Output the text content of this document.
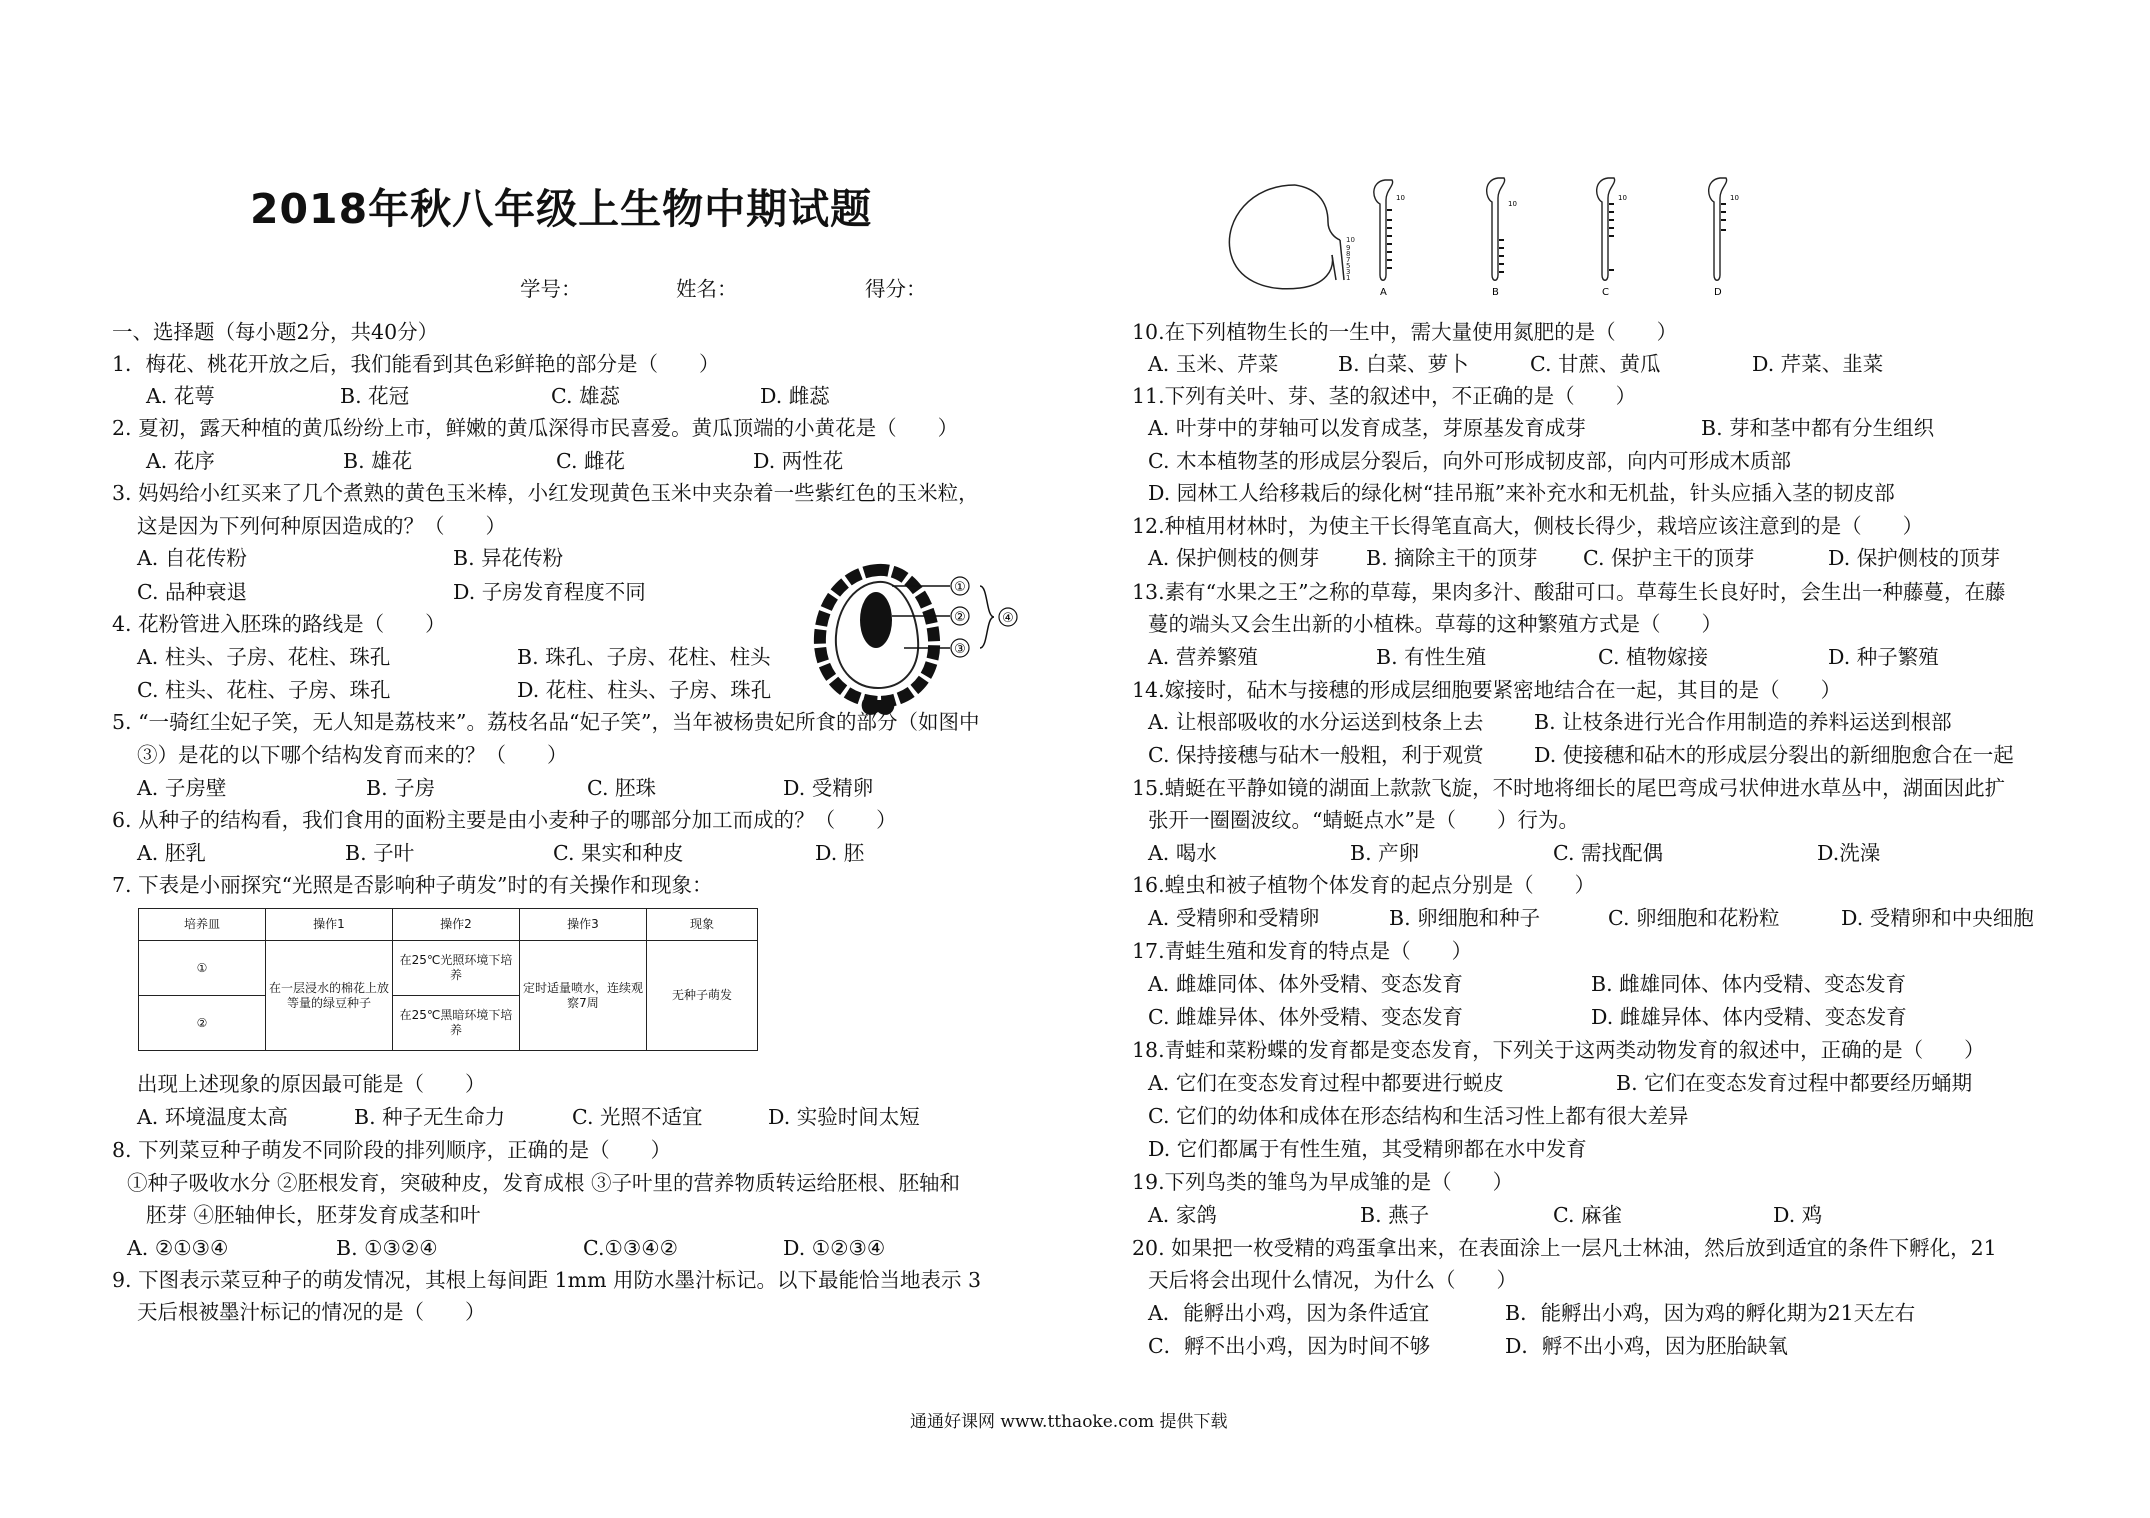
2018年秋八年级上生物中期试题
学号：	姓名：	得分：
一、选择题（每小题2分，共40分）
1．梅花、桃花开放之后，我们能看到其色彩鲜艳的部分是（　　）
A. 花萼	B. 花冠	C. 雄蕊	D. 雌蕊
2. 夏初，露天种植的黄瓜纷纷上市，鲜嫩的黄瓜深得市民喜爱。黄瓜顶端的小黄花是（　　）
A. 花序	B. 雄花	C. 雌花	D. 两性花
3. 妈妈给小红买来了几个煮熟的黄色玉米棒，小红发现黄色玉米中夹杂着一些紫红色的玉米粒，
这是因为下列何种原因造成的？（　　）
A. 自花传粉	B. 异花传粉
C. 品种衰退	D. 子房发育程度不同
4. 花粉管进入胚珠的路线是（　　）
A. 柱头、子房、花柱、珠孔	B. 珠孔、子房、花柱、柱头
C. 柱头、花柱、子房、珠孔	D. 花柱、柱头、子房、珠孔
5. “一骑红尘妃子笑，无人知是荔枝来”。荔枝名品“妃子笑”，当年被杨贵妃所食的部分（如图中
③）是花的以下哪个结构发育而来的？（　　）
A. 子房壁	B. 子房	C. 胚珠	D. 受精卵
6. 从种子的结构看，我们食用的面粉主要是由小麦种子的哪部分加工而成的？（　　）
A. 胚乳	B. 子叶	C. 果实和种皮	D. 胚
7. 下表是小丽探究“光照是否影响种子萌发”时的有关操作和现象：
培养皿	操作1	操作2	操作3	现象
①	在一层浸水的棉花上放等量的绿豆种子	在25℃光照环境下培养	定时适量喷水，连续观察7周	无种子萌发
②		在25℃黑暗环境下培养		
出现上述现象的原因最可能是（　　）
A. 环境温度太高	B. 种子无生命力	C. 光照不适宜	D. 实验时间太短
8. 下列菜豆种子萌发不同阶段的排列顺序，正确的是（　　）
①种子吸收水分 ②胚根发育，突破种皮，发育成根 ③子叶里的营养物质转运给胚根、胚轴和
胚芽 ④胚轴伸长，胚芽发育成茎和叶
A. ②①③④	B. ①③②④	C.①③④②	D. ①②③④
9. 下图表示菜豆种子的萌发情况，其根上每间距 1mm 用防水墨汁标记。以下最能恰当地表示 3
天后根被墨汁标记的情况的是（　　）
①
②
③
④
10
9
8
7
5
3
1
10
A
10
B
10
C
10
D
10.在下列植物生长的一生中，需大量使用氮肥的是（　　）
A. 玉米、芹菜	B. 白菜、萝卜	C. 甘蔗、黄瓜	D. 芹菜、韭菜
11.下列有关叶、芽、茎的叙述中，不正确的是（　　）
A. 叶芽中的芽轴可以发育成茎，芽原基发育成芽	B. 芽和茎中都有分生组织
C. 木本植物茎的形成层分裂后，向外可形成韧皮部，向内可形成木质部
D. 园林工人给移栽后的绿化树“挂吊瓶”来补充水和无机盐，针头应插入茎的韧皮部
12.种植用材林时，为使主干长得笔直高大，侧枝长得少，栽培应该注意到的是（　　）
A. 保护侧枝的侧芽 B. 摘除主干的顶芽 C. 保护主干的顶芽	D. 保护侧枝的顶芽
13.素有“水果之王”之称的草莓，果肉多汁、酸甜可口。草莓生长良好时，会生出一种藤蔓，在藤
蔓的端头又会生出新的小植株。草莓的这种繁殖方式是（　　）
A. 营养繁殖	B. 有性生殖	C. 植物嫁接	D. 种子繁殖
14.嫁接时，砧木与接穗的形成层细胞要紧密地结合在一起，其目的是（　　）
A. 让根部吸收的水分运送到枝条上去 B. 让枝条进行光合作用制造的养料运送到根部
C. 保持接穗与砧木一般粗，利于观赏 D. 使接穗和砧木的形成层分裂出的新细胞愈合在一起
15.蜻蜓在平静如镜的湖面上款款飞旋，不时地将细长的尾巴弯成弓状伸进水草丛中，湖面因此扩
张开一圈圈波纹。“蜻蜓点水”是（　　）行为。
A. 喝水	B. 产卵	C. 需找配偶	D.洗澡
16.蝗虫和被子植物个体发育的起点分别是（　　）
A. 受精卵和受精卵	B. 卵细胞和种子	C. 卵细胞和花粉粒	D. 受精卵和中央细胞
17.青蛙生殖和发育的特点是（　　）
A. 雌雄同体、体外受精、变态发育	B. 雌雄同体、体内受精、变态发育
C. 雌雄异体、体外受精、变态发育	D. 雌雄异体、体内受精、变态发育
18.青蛙和菜粉蝶的发育都是变态发育，下列关于这两类动物发育的叙述中，正确的是（　　）
A. 它们在变态发育过程中都要进行蜕皮	B. 它们在变态发育过程中都要经历蛹期
C. 它们的幼体和成体在形态结构和生活习性上都有很大差异
D. 它们都属于有性生殖，其受精卵都在水中发育
19.下列鸟类的雏鸟为早成雏的是（　　）
A. 家鸽	B. 燕子	C. 麻雀	D. 鸡
20. 如果把一枚受精的鸡蛋拿出来，在表面涂上一层凡士林油，然后放到适宜的条件下孵化，21
天后将会出现什么情况，为什么（　　）
A．能孵出小鸡，因为条件适宜	B．能孵出小鸡，因为鸡的孵化期为21天左右
C．孵不出小鸡，因为时间不够	D．孵不出小鸡，因为胚胎缺氧
通通好课网 www.tthaoke.com 提供下载
